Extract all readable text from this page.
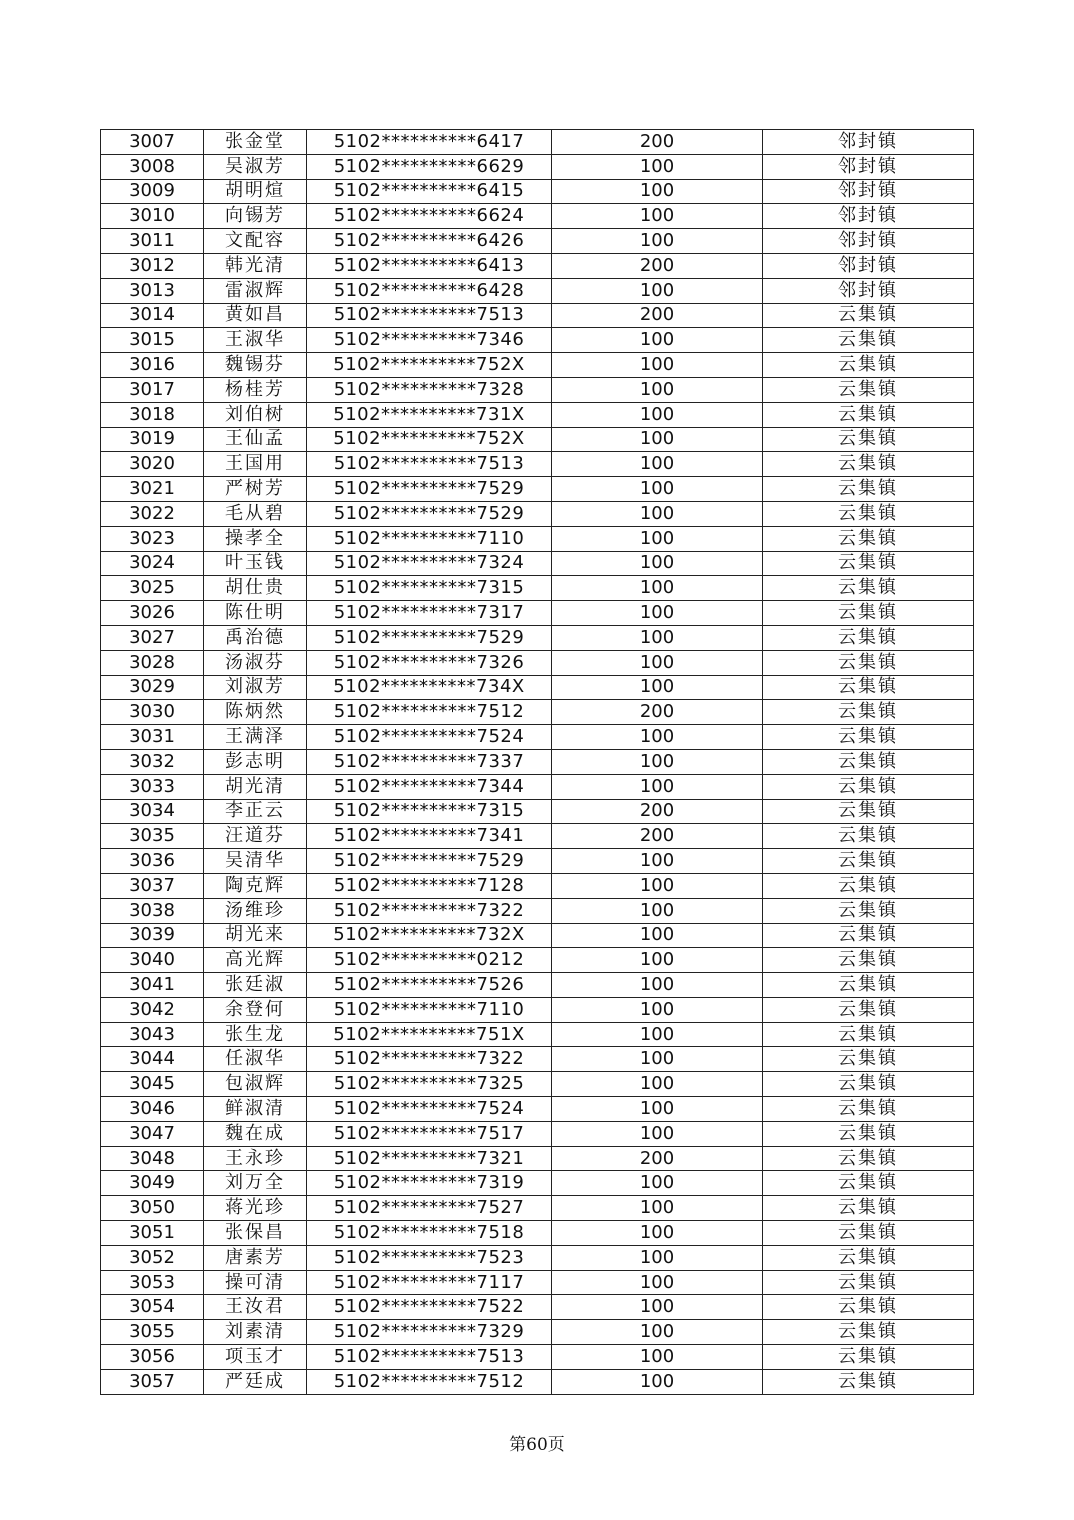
3007	张金堂	5102**********6417	200	邻封镇
3008	吴淑芳	5102**********6629	100	邻封镇
3009	胡明煊	5102**********6415	100	邻封镇
3010	向锡芳	5102**********6624	100	邻封镇
3011	文配容	5102**********6426	100	邻封镇
3012	韩光清	5102**********6413	200	邻封镇
3013	雷淑辉	5102**********6428	100	邻封镇
3014	黄如昌	5102**********7513	200	云集镇
3015	王淑华	5102**********7346	100	云集镇
3016	魏锡芬	5102**********752X	100	云集镇
3017	杨桂芳	5102**********7328	100	云集镇
3018	刘伯树	5102**********731X	100	云集镇
3019	王仙孟	5102**********752X	100	云集镇
3020	王国用	5102**********7513	100	云集镇
3021	严树芳	5102**********7529	100	云集镇
3022	毛从碧	5102**********7529	100	云集镇
3023	操孝全	5102**********7110	100	云集镇
3024	叶玉钱	5102**********7324	100	云集镇
3025	胡仕贵	5102**********7315	100	云集镇
3026	陈仕明	5102**********7317	100	云集镇
3027	禹治德	5102**********7529	100	云集镇
3028	汤淑芬	5102**********7326	100	云集镇
3029	刘淑芳	5102**********734X	100	云集镇
3030	陈炳然	5102**********7512	200	云集镇
3031	王满泽	5102**********7524	100	云集镇
3032	彭志明	5102**********7337	100	云集镇
3033	胡光清	5102**********7344	100	云集镇
3034	李正云	5102**********7315	200	云集镇
3035	汪道芬	5102**********7341	200	云集镇
3036	吴清华	5102**********7529	100	云集镇
3037	陶克辉	5102**********7128	100	云集镇
3038	汤维珍	5102**********7322	100	云集镇
3039	胡光来	5102**********732X	100	云集镇
3040	高光辉	5102**********0212	100	云集镇
3041	张廷淑	5102**********7526	100	云集镇
3042	余登何	5102**********7110	100	云集镇
3043	张生龙	5102**********751X	100	云集镇
3044	任淑华	5102**********7322	100	云集镇
3045	包淑辉	5102**********7325	100	云集镇
3046	鲜淑清	5102**********7524	100	云集镇
3047	魏在成	5102**********7517	100	云集镇
3048	王永珍	5102**********7321	200	云集镇
3049	刘万全	5102**********7319	100	云集镇
3050	蒋光珍	5102**********7527	100	云集镇
3051	张保昌	5102**********7518	100	云集镇
3052	唐素芳	5102**********7523	100	云集镇
3053	操可清	5102**********7117	100	云集镇
3054	王汝君	5102**********7522	100	云集镇
3055	刘素清	5102**********7329	100	云集镇
3056	项玉才	5102**********7513	100	云集镇
3057	严廷成	5102**********7512	100	云集镇
第60页
